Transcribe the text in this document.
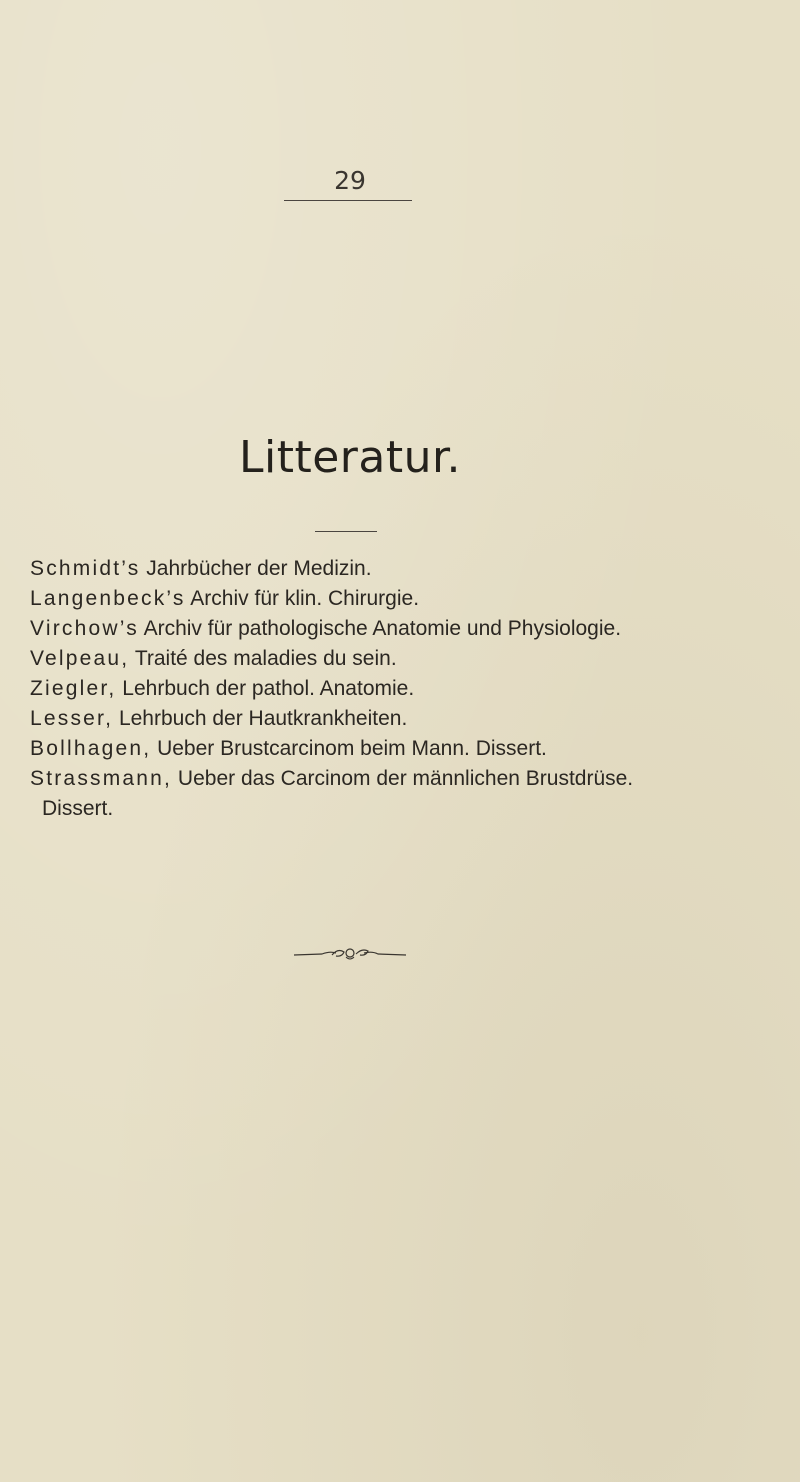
29
Litteratur.
Schmidt’s Jahrbücher der Medizin.
Langenbeck’s Archiv für klin. Chirurgie.
Virchow’s Archiv für pathologische Anatomie und Physiologie.
Velpeau, Traité des maladies du sein.
Ziegler, Lehrbuch der pathol. Anatomie.
Lesser, Lehrbuch der Hautkrankheiten.
Bollhagen, Ueber Brustcarcinom beim Mann. Dissert.
Strassmann, Ueber das Carcinom der männlichen Brustdrüse.
Dissert.
